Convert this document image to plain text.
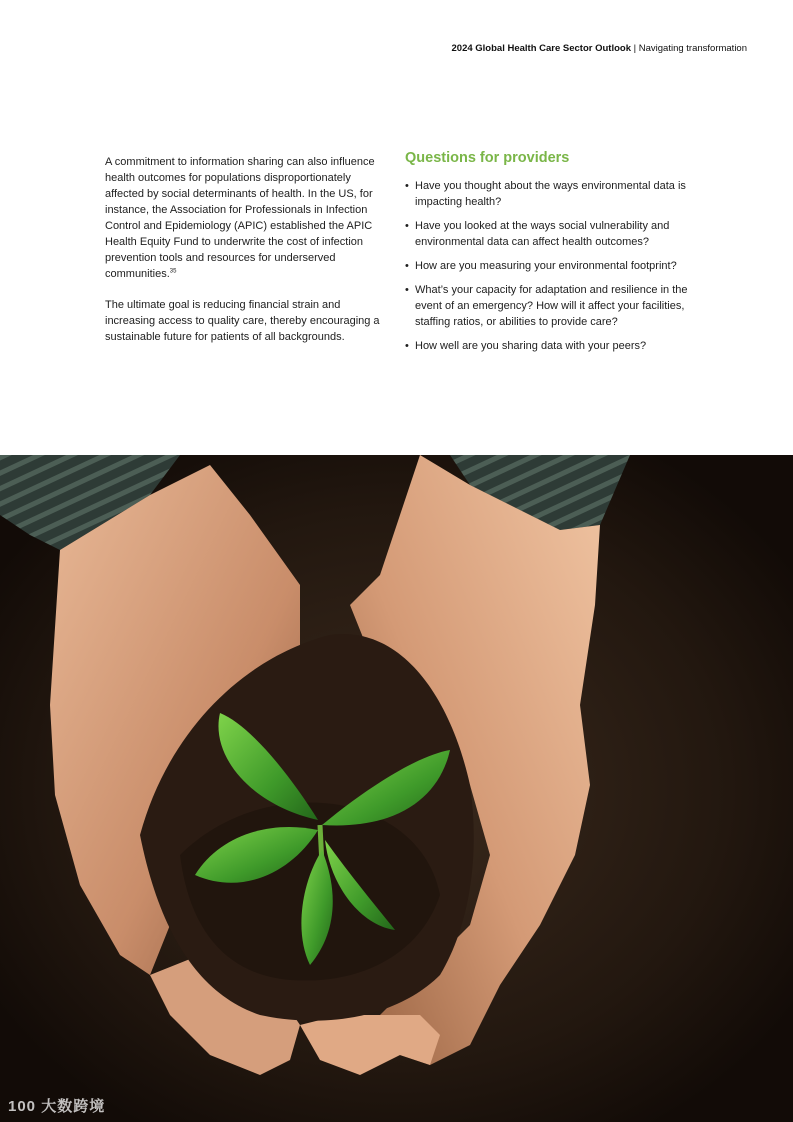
2024 Global Health Care Sector Outlook | Navigating transformation

A commitment to information sharing can also influence health outcomes for populations disproportionately affected by social determinants of health. In the US, for instance, the Association for Professionals in Infection Control and Epidemiology (APIC) established the APIC Health Equity Fund to underwrite the cost of infection prevention tools and resources for underserved communities.$^{35}$

The ultimate goal is reducing financial strain and increasing access to quality care, thereby encouraging a sustainable future for patients of all backgrounds.

Questions for providers
• Have you thought about the ways environmental data is impacting health?
• Have you looked at the ways social vulnerability and environmental data can affect health outcomes?
• How are you measuring your environmental footprint?
• What’s your capacity for adaptation and resilience in the event of an emergency? How will it affect your facilities, staffing ratios, or abilities to provide care?
• How well are you sharing data with your peers?
100 大数跨境
